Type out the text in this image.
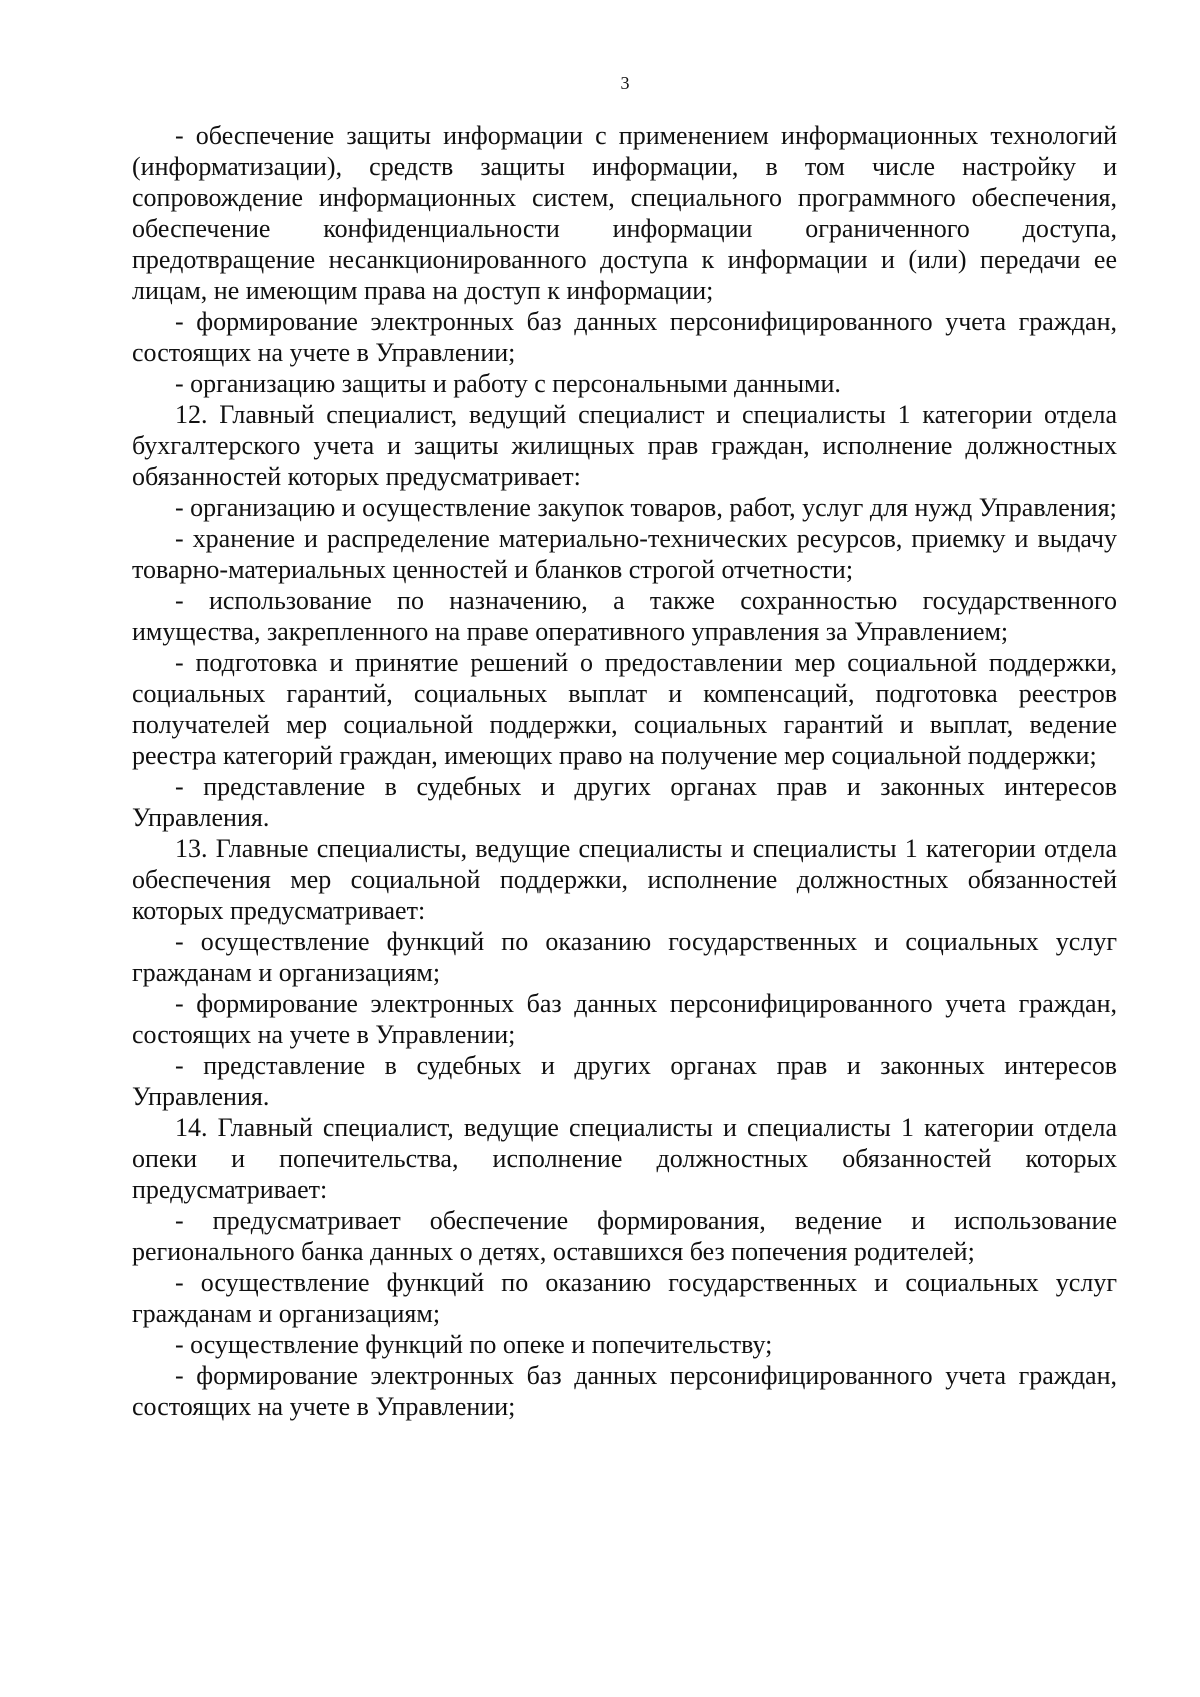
3

- обеспечение защиты информации с применением информационных технологий (информатизации), средств защиты информации, в том числе настройку и сопровождение информационных систем, специального программного обеспечения, обеспечение конфиденциальности информации ограниченного доступа, предотвращение несанкционированного доступа к информации и (или) передачи ее лицам, не имеющим права на доступ к информации;

- формирование электронных баз данных персонифицированного учета граждан, состоящих на учете в Управлении;

- организацию защиты и работу с персональными данными.

12. Главный специалист, ведущий специалист и специалисты 1 категории отдела бухгалтерского учета и защиты жилищных прав граждан, исполнение должностных обязанностей которых предусматривает:

- организацию и осуществление закупок товаров, работ, услуг для нужд Управления;

- хранение и распределение материально-технических ресурсов, приемку и выдачу товарно-материальных ценностей и бланков строгой отчетности;

- использование по назначению, а также сохранностью государственного имущества, закрепленного на праве оперативного управления за Управлением;

- подготовка и принятие решений о предоставлении мер социальной поддержки, социальных гарантий, социальных выплат и компенсаций, подготовка реестров получателей мер социальной поддержки, социальных гарантий и выплат, ведение реестра категорий граждан, имеющих право на получение мер социальной поддержки;

- представление в судебных и других органах прав и законных интересов Управления.

13. Главные специалисты, ведущие специалисты и специалисты 1 категории отдела обеспечения мер социальной поддержки, исполнение должностных обязанностей которых предусматривает:

- осуществление функций по оказанию государственных и социальных услуг гражданам и организациям;

- формирование электронных баз данных персонифицированного учета граждан, состоящих на учете в Управлении;

- представление в судебных и других органах прав и законных интересов Управления.

14. Главный специалист, ведущие специалисты и специалисты 1 категории отдела опеки и попечительства, исполнение должностных обязанностей которых предусматривает:

- предусматривает обеспечение формирования, ведение и использование регионального банка данных о детях, оставшихся без попечения родителей;

- осуществление функций по оказанию государственных и социальных услуг гражданам и организациям;

- осуществление функций по опеке и попечительству;

- формирование электронных баз данных персонифицированного учета граждан, состоящих на учете в Управлении;
